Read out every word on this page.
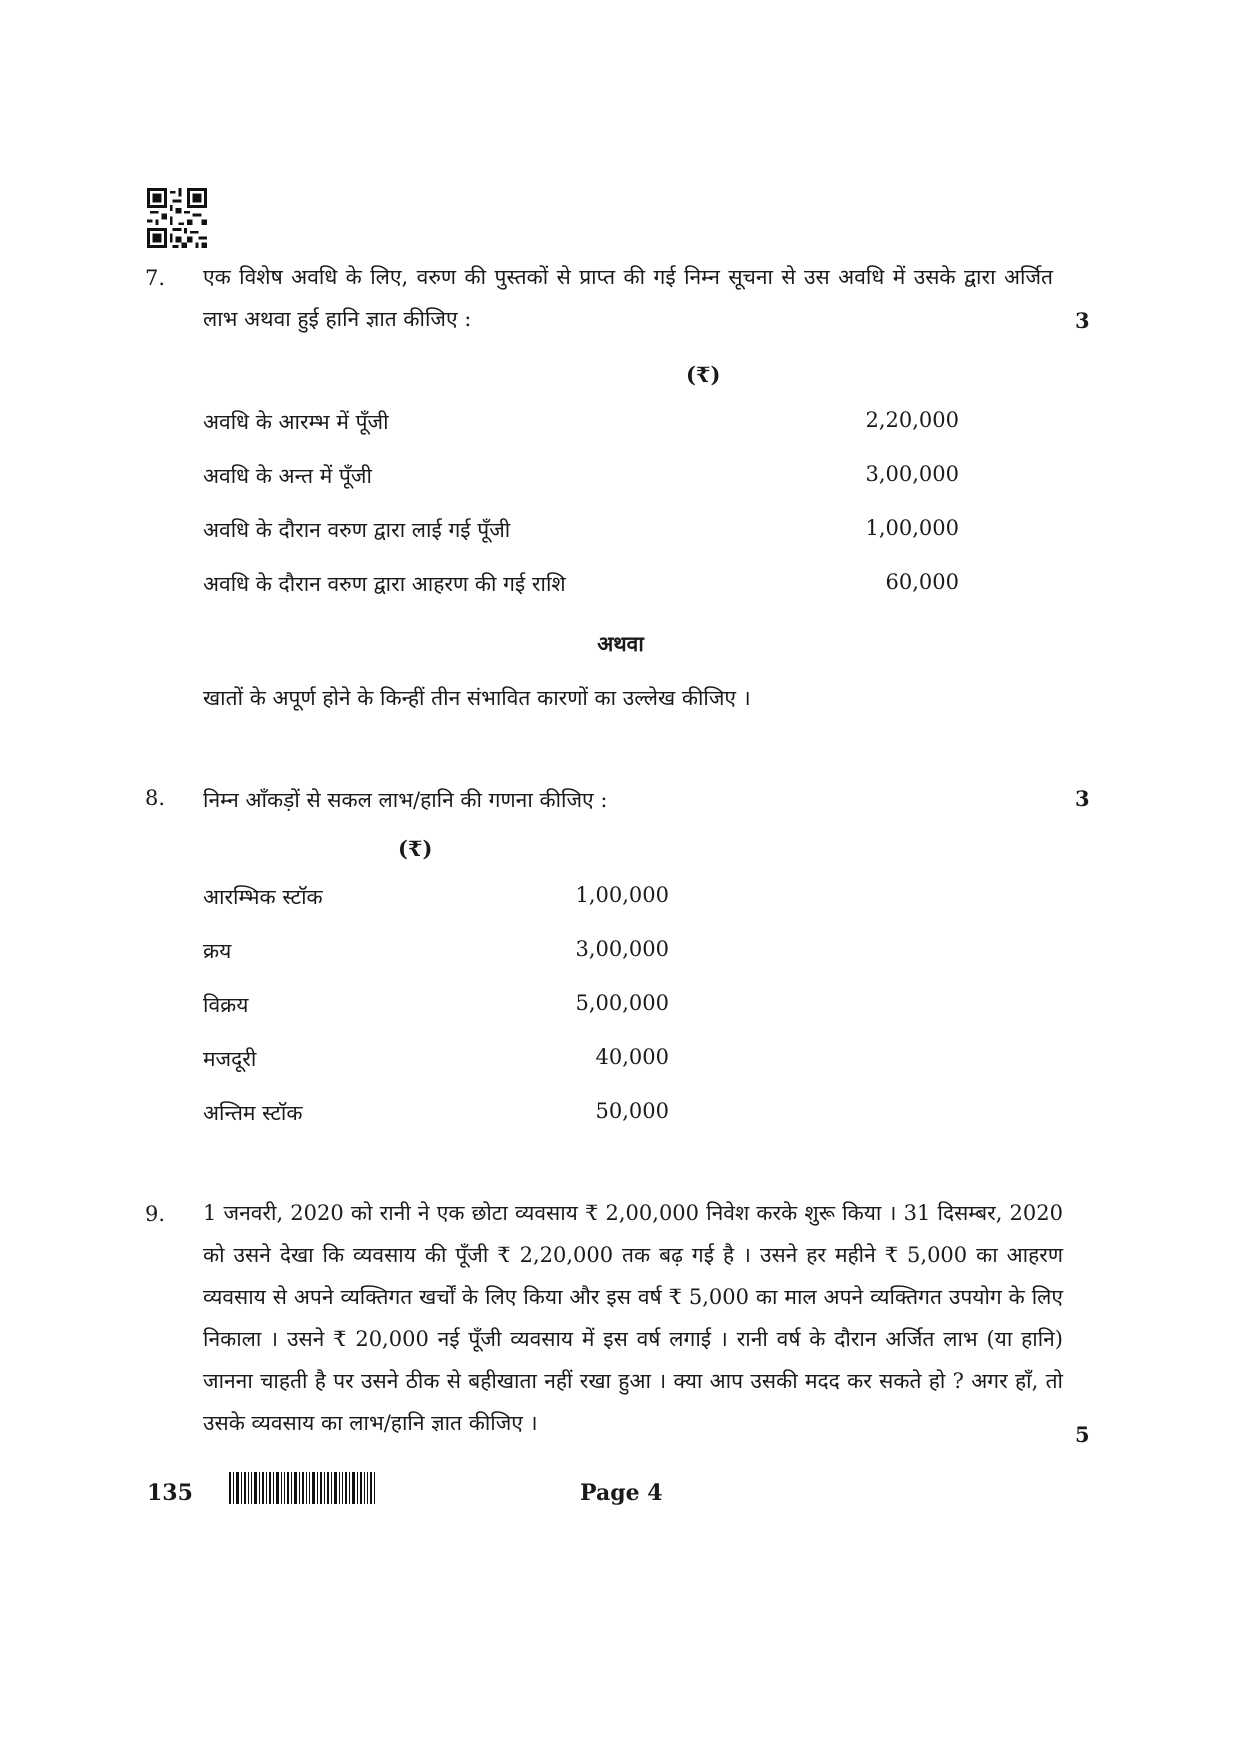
7. एक विशेष अवधि के लिए, वरुण की पुस्तकों से प्राप्त की गई निम्न सूचना से उस अवधि में उसके द्वारा अर्जित लाभ अथवा हुई हानि ज्ञात कीजिए :	3
(₹)
अवधि के आरम्भ में पूँजी	2,20,000
अवधि के अन्त में पूँजी	3,00,000
अवधि के दौरान वरुण द्वारा लाई गई पूँजी	1,00,000
अवधि के दौरान वरुण द्वारा आहरण की गई राशि	60,000
अथवा
खातों के अपूर्ण होने के किन्हीं तीन संभावित कारणों का उल्लेख कीजिए ।
8. निम्न आँकड़ों से सकल लाभ/हानि की गणना कीजिए :	3
(₹)
आरम्भिक स्टॉक	1,00,000
क्रय	3,00,000
विक्रय	5,00,000
मजदूरी	40,000
अन्तिम स्टॉक	50,000
9. 1 जनवरी, 2020 को रानी ने एक छोटा व्यवसाय ₹ 2,00,000 निवेश करके शुरू किया । 31 दिसम्बर, 2020 को उसने देखा कि व्यवसाय की पूँजी ₹ 2,20,000 तक बढ़ गई है । उसने हर महीने ₹ 5,000 का आहरण व्यवसाय से अपने व्यक्तिगत खर्चों के लिए किया और इस वर्ष ₹ 5,000 का माल अपने व्यक्तिगत उपयोग के लिए निकाला । उसने ₹ 20,000 नई पूँजी व्यवसाय में इस वर्ष लगाई । रानी वर्ष के दौरान अर्जित लाभ (या हानि) जानना चाहती है पर उसने ठीक से बहीखाता नहीं रखा हुआ । क्या आप उसकी मदद कर सकते हो ? अगर हाँ, तो उसके व्यवसाय का लाभ/हानि ज्ञात कीजिए ।	5
135	Page 4
